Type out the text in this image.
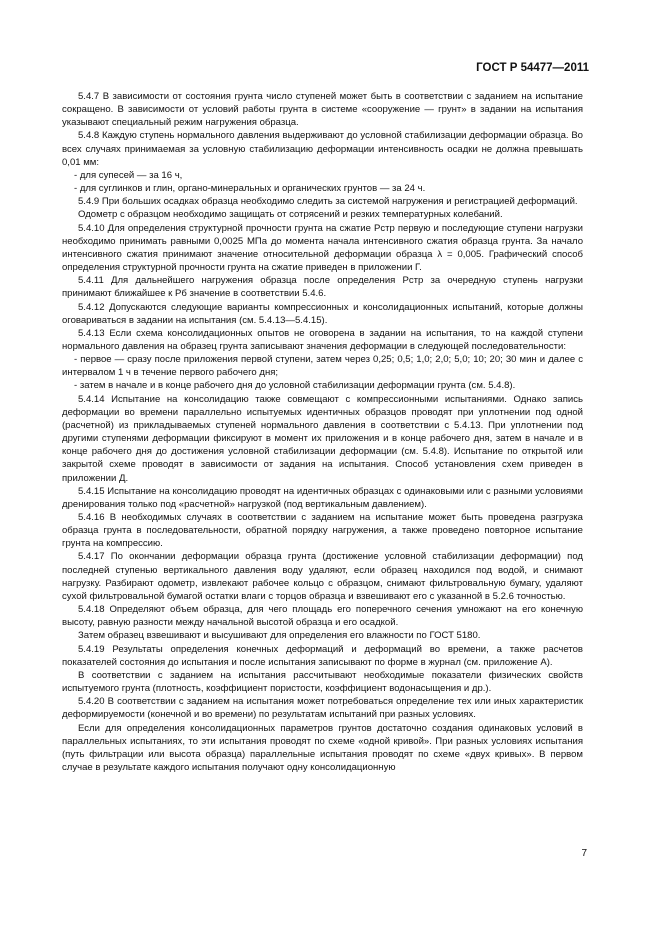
ГОСТ Р 54477—2011

5.4.7 В зависимости от состояния грунта число ступеней может быть в соответствии с заданием на испытание сокращено. В зависимости от условий работы грунта в системе «сооружение — грунт» в задании на испытания указывают специальный режим нагружения образца.

5.4.8 Каждую ступень нормального давления выдерживают до условной стабилизации деформации образца. Во всех случаях принимаемая за условную стабилизацию деформации интенсивность осадки не должна превышать 0,01 мм:

- для супесей — за 16 ч,

- для суглинков и глин, органо-минеральных и органических грунтов — за 24 ч.

5.4.9 При больших осадках образца необходимо следить за системой нагружения и регистрацией деформаций.

Одометр с образцом необходимо защищать от сотрясений и резких температурных колебаний.

5.4.10 Для определения структурной прочности грунта на сжатие Pстр первую и последующие ступени нагрузки необходимо принимать равными 0,0025 МПа до момента начала интенсивного сжатия образца грунта. За начало интенсивного сжатия принимают значение относительной деформации образца λ = 0,005. Графический способ определения структурной прочности грунта на сжатие приведен в приложении Г.

5.4.11 Для дальнейшего нагружения образца после определения Pстр за очередную ступень нагрузки принимают ближайшее к Pб значение в соответствии 5.4.6.

5.4.12 Допускаются следующие варианты компрессионных и консолидационных испытаний, которые должны оговариваться в задании на испытания (см. 5.4.13—5.4.15).

5.4.13 Если схема консолидационных опытов не оговорена в задании на испытания, то на каждой ступени нормального давления на образец грунта записывают значения деформации в следующей последовательности:

- первое — сразу после приложения первой ступени, затем через 0,25; 0,5; 1,0; 2,0; 5,0; 10; 20; 30 мин и далее с интервалом 1 ч в течение первого рабочего дня;

- затем в начале и в конце рабочего дня до условной стабилизации деформации грунта (см. 5.4.8).

5.4.14 Испытание на консолидацию также совмещают с компрессионными испытаниями. Однако запись деформации во времени параллельно испытуемых идентичных образцов проводят при уплотнении под одной (расчетной) из прикладываемых ступеней нормального давления в соответствии с 5.4.13. При уплотнении под другими ступенями деформации фиксируют в момент их приложения и в конце рабочего дня, затем в начале и в конце рабочего дня до достижения условной стабилизации деформации (см. 5.4.8). Испытание по открытой или закрытой схеме проводят в зависимости от задания на испытания. Способ установления схем приведен в приложении Д.

5.4.15 Испытание на консолидацию проводят на идентичных образцах с одинаковыми или с разными условиями дренирования только под «расчетной» нагрузкой (под вертикальным давлением).

5.4.16 В необходимых случаях в соответствии с заданием на испытание может быть проведена разгрузка образца грунта в последовательности, обратной порядку нагружения, а также проведено повторное испытание грунта на компрессию.

5.4.17 По окончании деформации образца грунта (достижение условной стабилизации деформации) под последней ступенью вертикального давления воду удаляют, если образец находился под водой, и снимают нагрузку. Разбирают одометр, извлекают рабочее кольцо с образцом, снимают фильтровальную бумагу, удаляют сухой фильтровальной бумагой остатки влаги с торцов образца и взвешивают его с указанной в 5.2.6 точностью.

5.4.18 Определяют объем образца, для чего площадь его поперечного сечения умножают на его конечную высоту, равную разности между начальной высотой образца и его осадкой.

Затем образец взвешивают и высушивают для определения его влажности по ГОСТ 5180.

5.4.19 Результаты определения конечных деформаций и деформаций во времени, а также расчетов показателей состояния до испытания и после испытания записывают по форме в журнал (см. приложение А).

В соответствии с заданием на испытания рассчитывают необходимые показатели физических свойств испытуемого грунта (плотность, коэффициент пористости, коэффициент водонасыщения и др.).

5.4.20 В соответствии с заданием на испытания может потребоваться определение тех или иных характеристик деформируемости (конечной и во времени) по результатам испытаний при разных условиях.

Если для определения консолидационных параметров грунтов достаточно создания одинаковых условий в параллельных испытаниях, то эти испытания проводят по схеме «одной кривой». При разных условиях испытания (путь фильтрации или высота образца) параллельные испытания проводят по схеме «двух кривых». В первом случае в результате каждого испытания получают одну консолидационную

7
